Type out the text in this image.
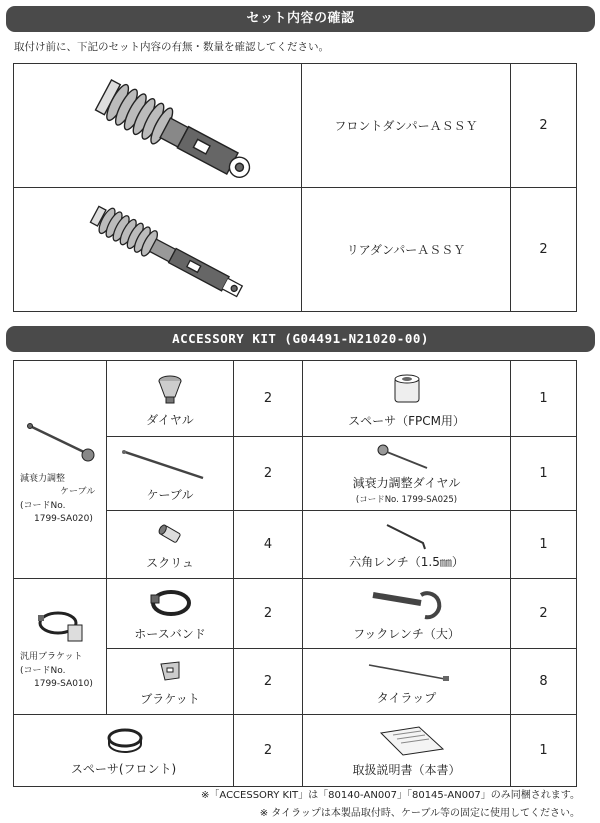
セット内容の確認
取付け前に、下記のセット内容の有無・数量を確認してください。
	フロントダンパーＡＳＳＹ	2

	リアダンパーＡＳＳＹ	2
ACCESSORY KIT (G04491-N21020-00)
減衰力調整
ケーブル
(コードNo.
1799-SA020)	ダイヤル	2	スペーサ（FPCM用）	1

	ケーブル	2	減衰力調整ダイヤル
(コードNo. 1799-SA025)	1

	スクリュ	4	六角レンチ（1.5㎜）	1

汎用ブラケット
(コードNo.
1799-SA010)	ホースバンド	2	フックレンチ（大）	2

	ブラケット	2	タイラップ	8

スペーサ(フロント)		2	取扱説明書（本書）	1
※「ACCESSORY KIT」は「80140-AN007」「80145-AN007」のみ同梱されます。
※ タイラップは本製品取付時、ケーブル等の固定に使用してください。
